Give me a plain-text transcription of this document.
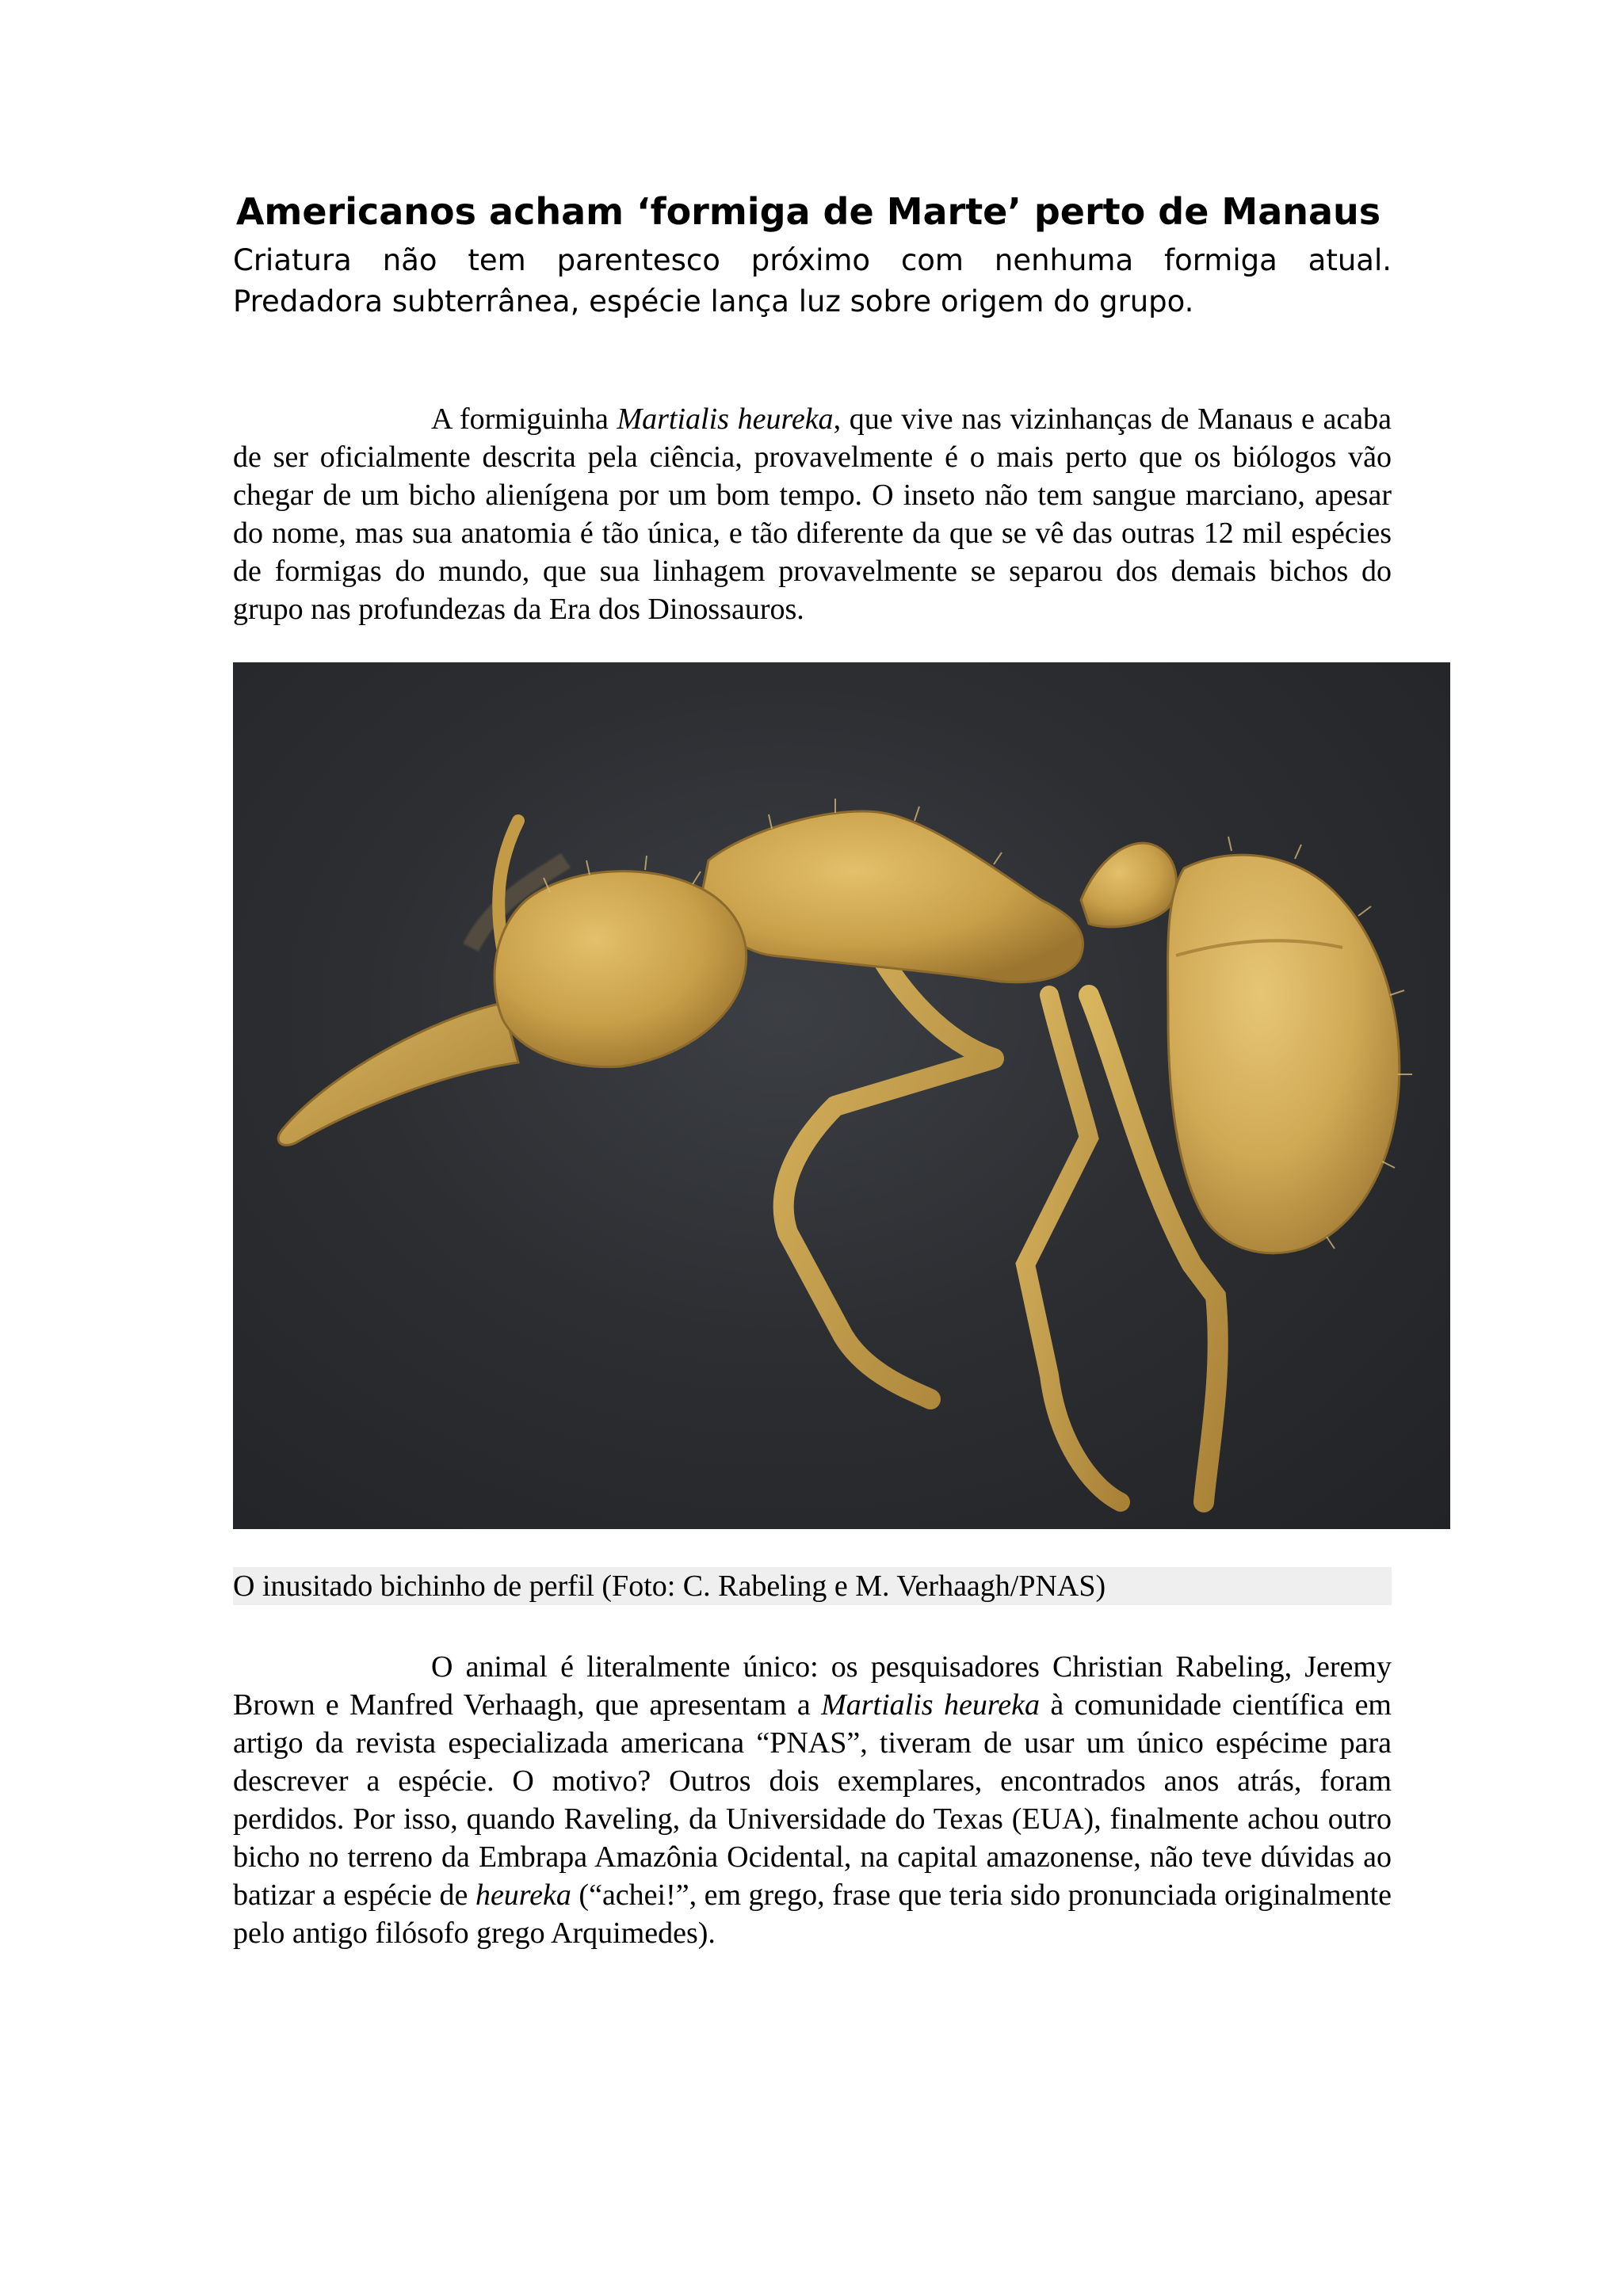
Americanos acham ‘formiga de Marte’ perto de Manaus
Criatura não tem parentesco próximo com nenhuma formiga atual.
Predadora subterrânea, espécie lança luz sobre origem do grupo.

A formiguinha Martialis heureka, que vive nas vizinhanças de Manaus e acaba de ser oficialmente descrita pela ciência, provavelmente é o mais perto que os biólogos vão chegar de um bicho alienígena por um bom tempo. O inseto não tem sangue marciano, apesar do nome, mas sua anatomia é tão única, e tão diferente da que se vê das outras 12 mil espécies de formigas do mundo, que sua linhagem provavelmente se separou dos demais bichos do grupo nas profundezas da Era dos Dinossauros.

O inusitado bichinho de perfil (Foto: C. Rabeling e M. Verhaagh/PNAS)

O animal é literalmente único: os pesquisadores Christian Rabeling, Jeremy Brown e Manfred Verhaagh, que apresentam a Martialis heureka à comunidade científica em artigo da revista especializada americana “PNAS”, tiveram de usar um único espécime para descrever a espécie. O motivo? Outros dois exemplares, encontrados anos atrás, foram perdidos. Por isso, quando Raveling, da Universidade do Texas (EUA), finalmente achou outro bicho no terreno da Embrapa Amazônia Ocidental, na capital amazonense, não teve dúvidas ao batizar a espécie de heureka (“achei!”, em grego, frase que teria sido pronunciada originalmente pelo antigo filósofo grego Arquimedes).
